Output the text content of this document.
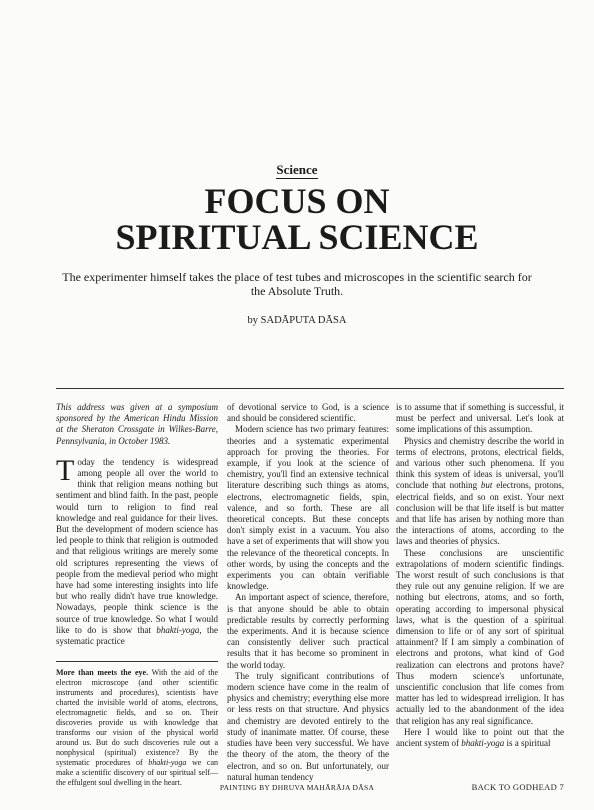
Science
FOCUS ON
SPIRITUAL SCIENCE

The experimenter himself takes the place of test tubes and microscopes in the scientific search for the Absolute Truth.

by SADĀPUTA DĀSA

This address was given at a symposium sponsored by the American Hindu Mission at the Sheraton Crossgate in Wilkes-Barre, Pennsylvania, in October 1983.

Today the tendency is widespread among people all over the world to think that religion means nothing but sentiment and blind faith. In the past, people would turn to religion to find real knowledge and real guidance for their lives. But the development of modern science has led people to think that religion is outmoded and that religious writings are merely some old scriptures representing the views of people from the medieval period who might have had some interesting insights into life but who really didn't have true knowledge. Nowadays, people think science is the source of true knowledge. So what I would like to do is show that bhakti-yoga, the systematic practice

More than meets the eye. With the aid of the electron microscope (and other scientific instruments and procedures), scientists have charted the invisible world of atoms, electrons, electromagnetic fields, and so on. Their discoveries provide us with knowledge that transforms our vision of the physical world around us. But do such discoveries rule out a nonphysical (spiritual) existence? By the systematic procedures of bhakti-yoga we can make a scientific discovery of our spiritual self—the effulgent soul dwelling in the heart.

of devotional service to God, is a science and should be considered scientific.

Modern science has two primary features: theories and a systematic experimental approach for proving the theories. For example, if you look at the science of chemistry, you'll find an extensive technical literature describing such things as atoms, electrons, electromagnetic fields, spin, valence, and so forth. These are all theoretical concepts. But these concepts don't simply exist in a vacuum. You also have a set of experiments that will show you the relevance of the theoretical concepts. In other words, by using the concepts and the experiments you can obtain verifiable knowledge.

An important aspect of science, therefore, is that anyone should be able to obtain predictable results by correctly performing the experiments. And it is because science can consistently deliver such practical results that it has become so prominent in the world today.

The truly significant contributions of modern science have come in the realm of physics and chemistry; everything else more or less rests on that structure. And physics and chemistry are devoted entirely to the study of inanimate matter. Of course, these studies have been very successful. We have the theory of the atom, the theory of the electron, and so on. But unfortunately, our natural human tendency

is to assume that if something is successful, it must be perfect and universal. Let's look at some implications of this assumption.

Physics and chemistry describe the world in terms of electrons, protons, electrical fields, and various other such phenomena. If you think this system of ideas is universal, you'll conclude that nothing but electrons, protons, electrical fields, and so on exist. Your next conclusion will be that life itself is but matter and that life has arisen by nothing more than the interactions of atoms, according to the laws and theories of physics.

These conclusions are unscientific extrapolations of modern scientific findings. The worst result of such conclusions is that they rule out any genuine religion. If we are nothing but electrons, atoms, and so forth, operating according to impersonal physical laws, what is the question of a spiritual dimension to life or of any sort of spiritual attainment? If I am simply a combination of electrons and protons, what kind of God realization can electrons and protons have? Thus modern science's unfortunate, unscientific conclusion that life comes from matter has led to widespread irreligion. It has actually led to the abandonment of the idea that religion has any real significance.

Here I would like to point out that the ancient system of bhakti-yoga is a spiritual

PAINTING BY DHRUVA MAHĀRĀJA DĀSA	BACK TO GODHEAD 7
